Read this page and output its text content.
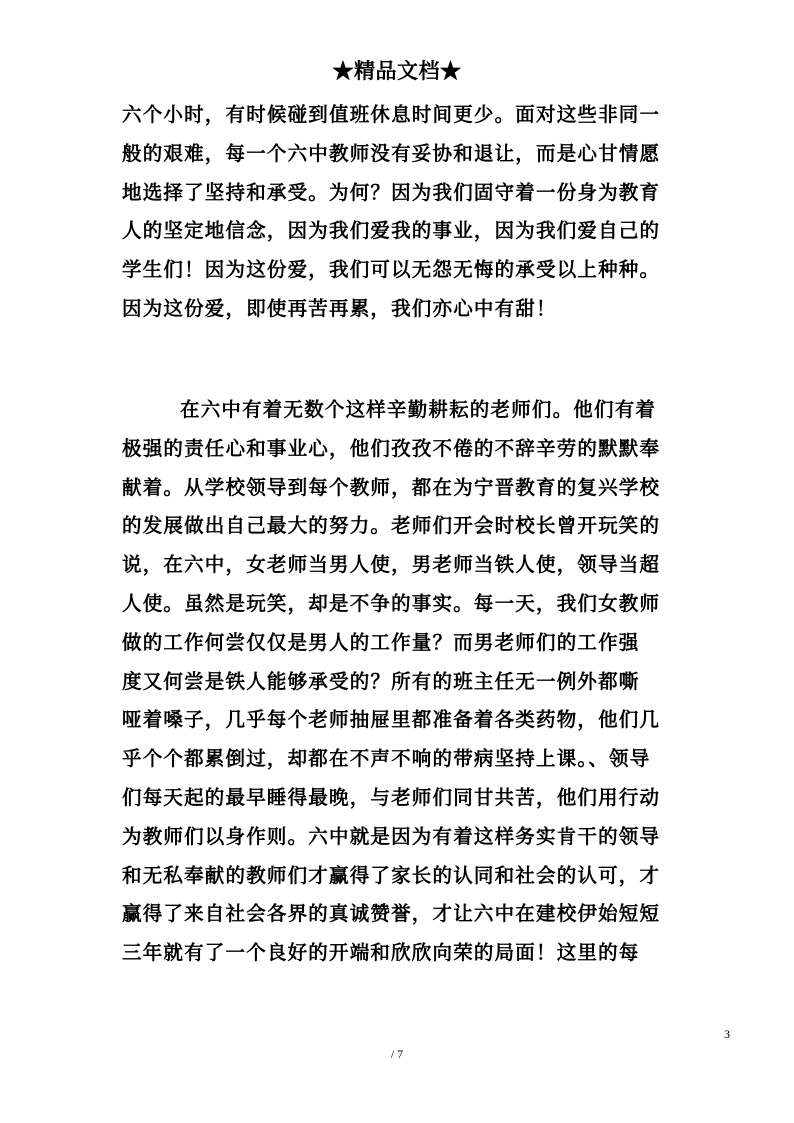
★精品文档★
六个小时，有时候碰到值班休息时间更少。面对这些非同一
般的艰难，每一个六中教师没有妥协和退让，而是心甘情愿
地选择了坚持和承受。为何？因为我们固守着一份身为教育
人的坚定地信念，因为我们爱我的事业，因为我们爱自己的
学生们！因为这份爱，我们可以无怨无悔的承受以上种种。
因为这份爱，即使再苦再累，我们亦心中有甜！
在六中有着无数个这样辛勤耕耘的老师们。他们有着
极强的责任心和事业心，他们孜孜不倦的不辞辛劳的默默奉
献着。从学校领导到每个教师，都在为宁晋教育的复兴学校
的发展做出自己最大的努力。老师们开会时校长曾开玩笑的
说，在六中，女老师当男人使，男老师当铁人使，领导当超
人使。虽然是玩笑，却是不争的事实。每一天，我们女教师
做的工作何尝仅仅是男人的工作量？而男老师们的工作强
度又何尝是铁人能够承受的？所有的班主任无一例外都嘶
哑着嗓子，几乎每个老师抽屉里都准备着各类药物，他们几
乎个个都累倒过，却都在不声不响的带病坚持上课。、领导
们每天起的最早睡得最晚，与老师们同甘共苦，他们用行动
为教师们以身作则。六中就是因为有着这样务实肯干的领导
和无私奉献的教师们才赢得了家长的认同和社会的认可，才
赢得了来自社会各界的真诚赞誉，才让六中在建校伊始短短
三年就有了一个良好的开端和欣欣向荣的局面！这里的每
3
/ 7
